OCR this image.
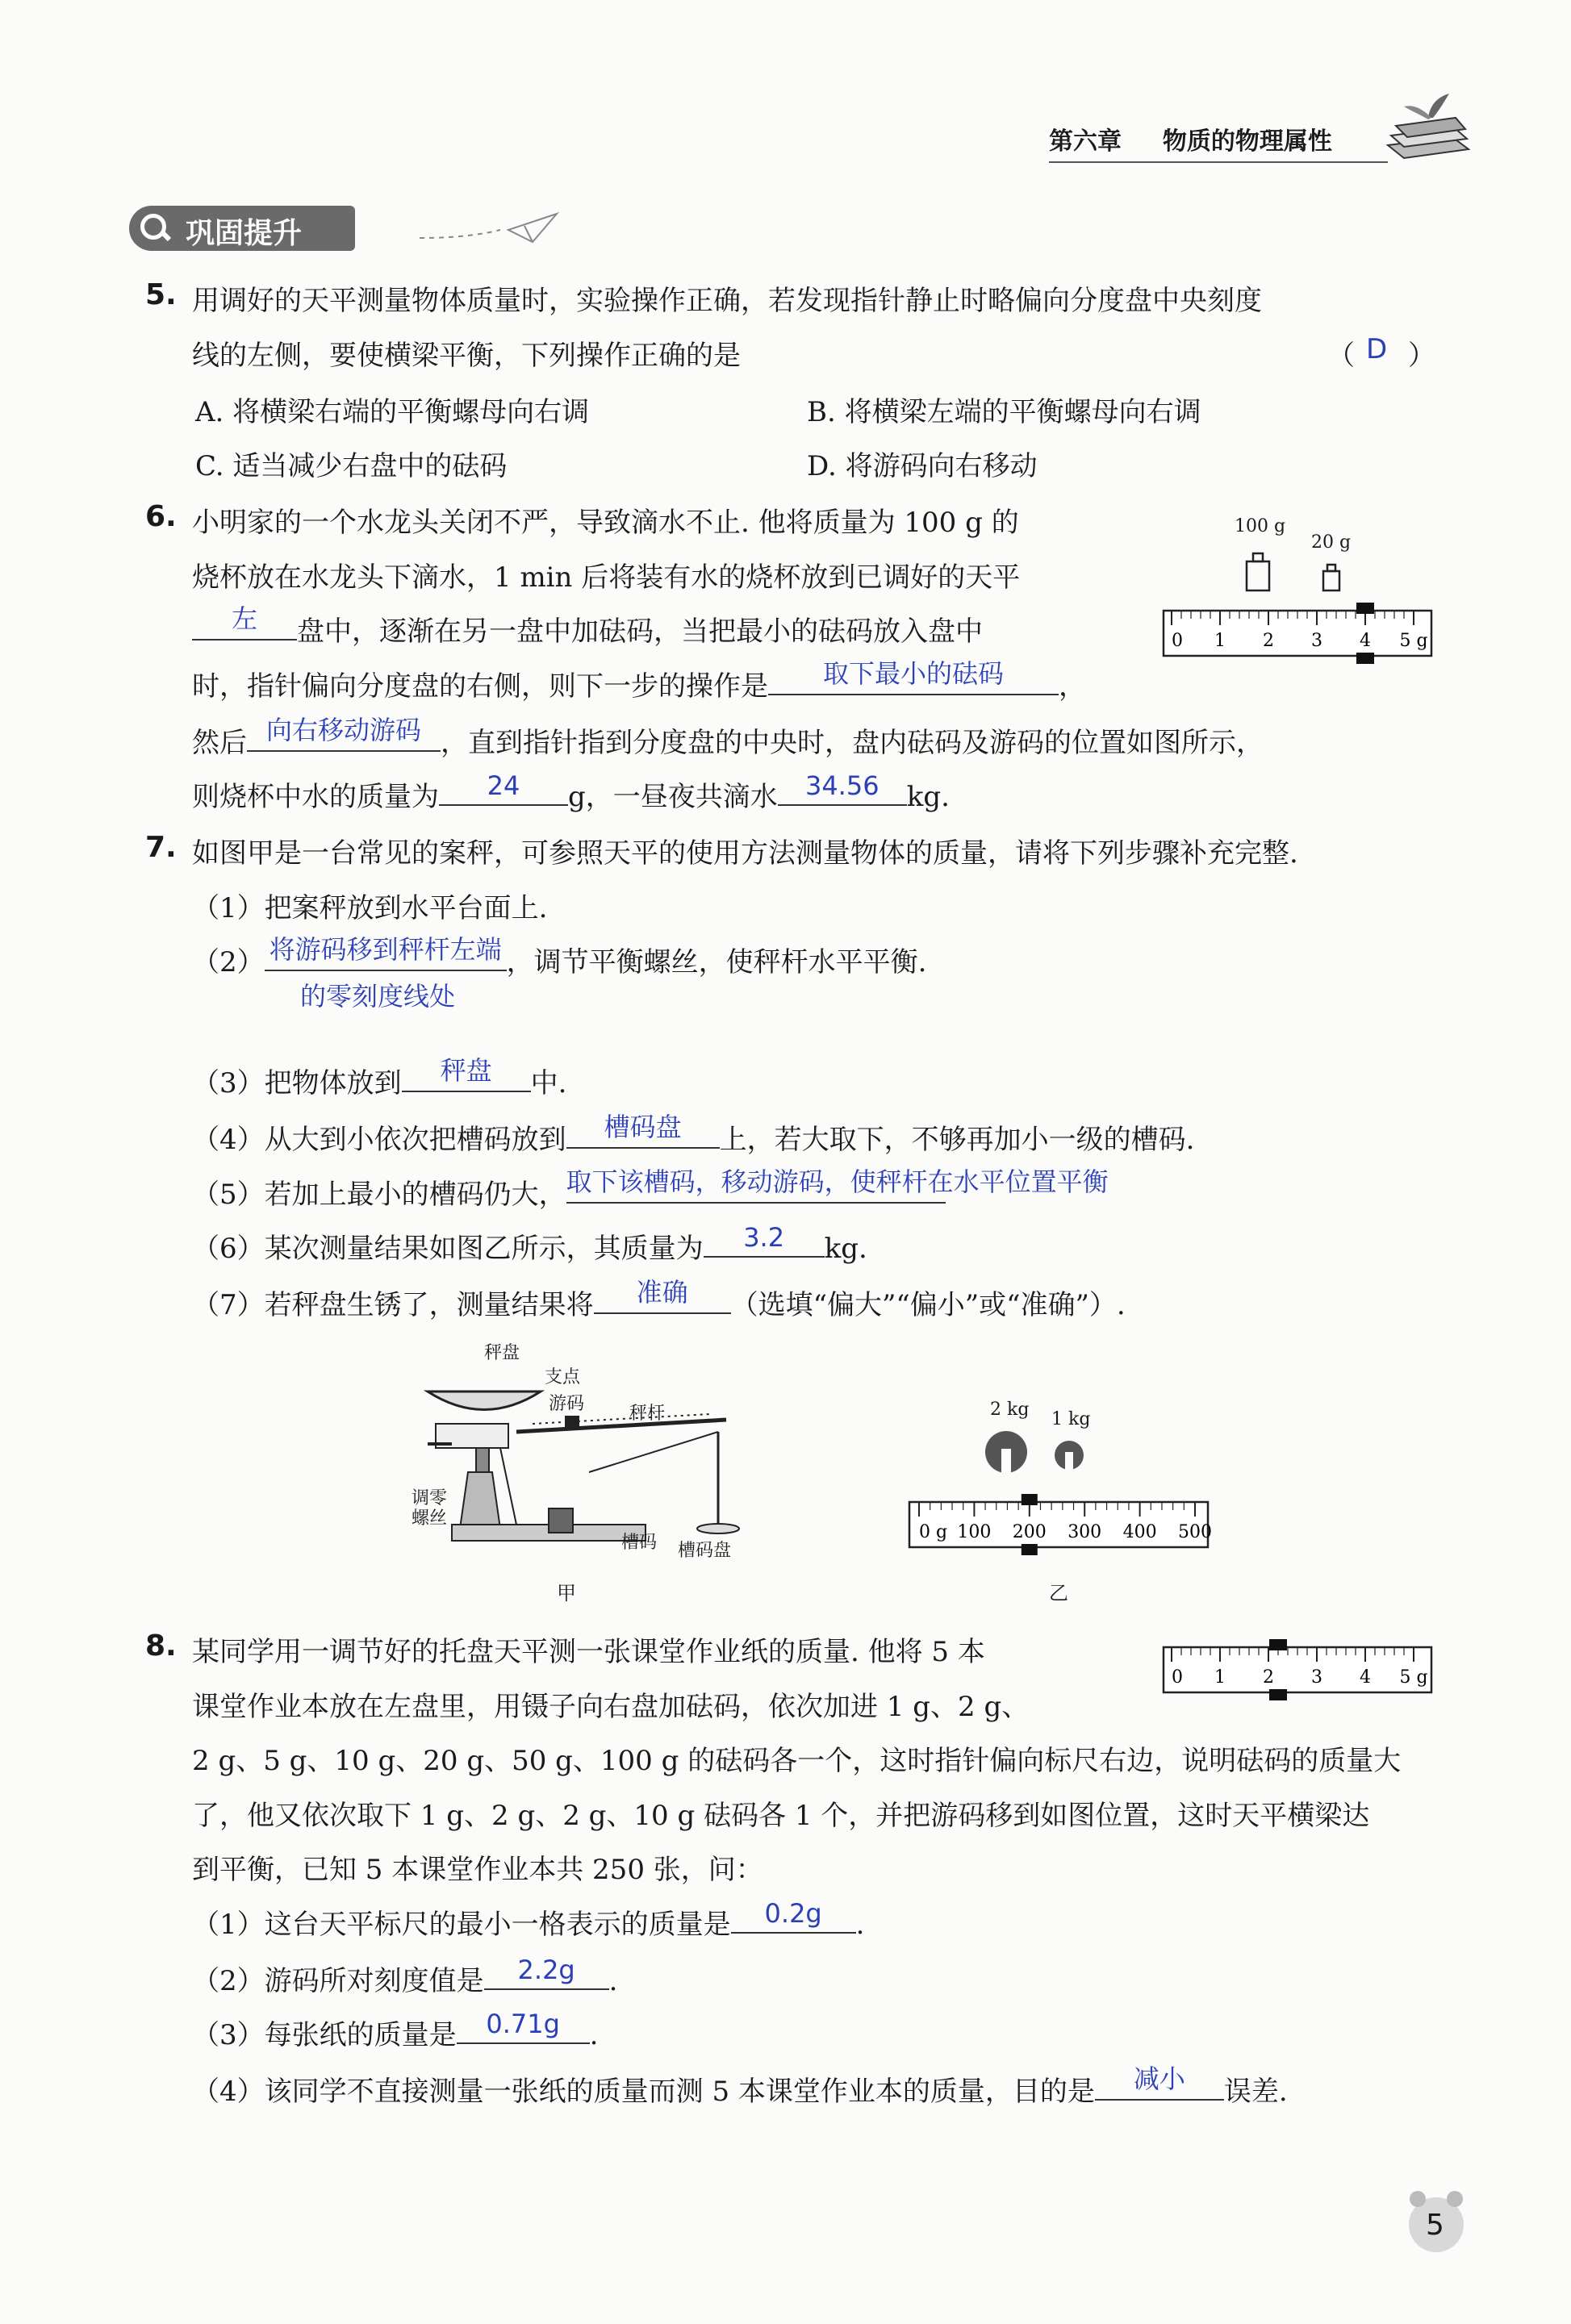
第六章 物质的物理属性
巩固提升
5. 用调好的天平测量物体质量时，实验操作正确，若发现指针静止时略偏向分度盘中央刻度
线的左侧，要使横梁平衡，下列操作正确的是	（ D ）
A. 将横梁右端的平衡螺母向右调	B. 将横梁左端的平衡螺母向右调
C. 适当减少右盘中的砝码	D. 将游码向右移动
6. 小明家的一个水龙头关闭不严，导致滴水不止. 他将质量为 100 g 的
烧杯放在水龙头下滴水，1 min 后将装有水的烧杯放到已调好的天平
左	盘中，逐渐在另一盘中加砝码，当把最小的砝码放入盘中
时，指针偏向分度盘的右侧，则下一步的操作是	取下最小的砝码	，
然后 向右移动游码 ，直到指针指到分度盘的中央时，盘内砝码及游码的位置如图所示，
则烧杯中水的质量为	24	g，一昼夜共滴水	34.56	kg.
100 g
20 g
0 1 2 3 4 5 g
7. 如图甲是一台常见的案秤，可参照天平的使用方法测量物体的质量，请将下列步骤补充完整.
（1）把案秤放到水平台面上.
（2） 将游码移到秤杆左端 ，调节平衡螺丝，使秤杆水平平衡.
的零刻度线处
（3）把物体放到	秤盘	中.
（4）从大到小依次把槽码放到	槽码盘	上，若大取下，不够再加小一级的槽码.
（5）若加上最小的槽码仍大， 取下该槽码，移动游码，使秤杆在水平位置平衡
（6）某次测量结果如图乙所示，其质量为	3.2	kg.
（7）若秤盘生锈了，测量结果将	准确	（选填“偏大”“偏小”或“准确”）.
秤盘
支点
游码	秤杆
调零
螺丝
槽码 槽码盘
甲
2 kg 1 kg
0 g 100 200 300 400 500
乙
8. 某同学用一调节好的托盘天平测一张课堂作业纸的质量. 他将 5 本
课堂作业本放在左盘里，用镊子向右盘加砝码，依次加进 1 g、2 g、
2 g、5 g、10 g、20 g、50 g、100 g 的砝码各一个，这时指针偏向标尺右边，说明砝码的质量大
了，他又依次取下 1 g、2 g、2 g、10 g 砝码各 1 个，并把游码移到如图位置，这时天平横梁达
到平衡，已知 5 本课堂作业本共 250 张，问：
0 1 2 3 4 5 g
（1）这台天平标尺的最小一格表示的质量是	0.2g	.
（2）游码所对刻度值是	2.2g	.
（3）每张纸的质量是	0.71g	.
（4）该同学不直接测量一张纸的质量而测 5 本课堂作业本的质量，目的是	减小	误差.
5
